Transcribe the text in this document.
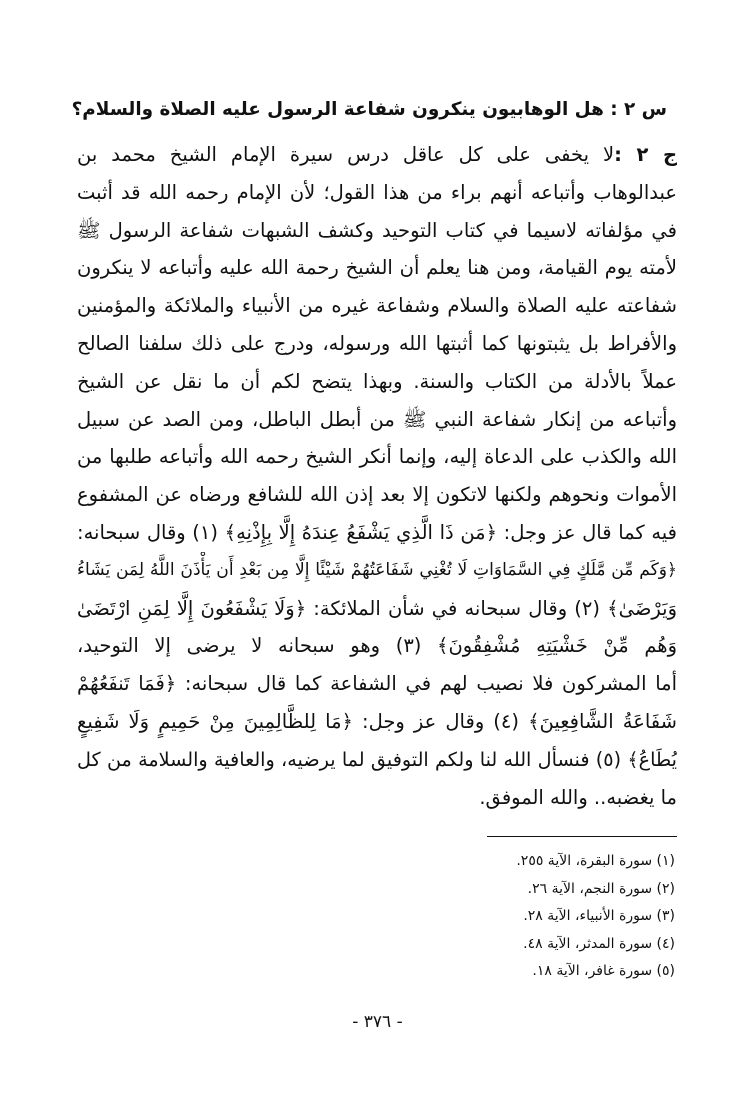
س ٢ : هل الوهابيون ينكرون شفاعة الرسول عليه الصلاة والسلام؟
ج ٢ :لا يخفى على كل عاقل درس سيرة الإمام الشيخ محمد بن
عبدالوهاب وأتباعه أنهم براء من هذا القول؛ لأن الإمام رحمه الله قد أثبت
في مؤلفاته لاسيما في كتاب التوحيد وكشف الشبهات شفاعة الرسول ﷺ
لأمته يوم القيامة، ومن هنا يعلم أن الشيخ رحمة الله عليه وأتباعه لا ينكرون
شفاعته عليه الصلاة والسلام وشفاعة غيره من الأنبياء والملائكة والمؤمنين
والأفراط بل يثبتونها كما أثبتها الله ورسوله، ودرج على ذلك سلفنا الصالح
عملاً بالأدلة من الكتاب والسنة. وبهذا يتضح لكم أن ما نقل عن الشيخ
وأتباعه من إنكار شفاعة النبي ﷺ من أبطل الباطل، ومن الصد عن سبيل
الله والكذب على الدعاة إليه، وإنما أنكر الشيخ رحمه الله وأتباعه طلبها من
الأموات ونحوهم ولكنها لاتكون إلا بعد إذن الله للشافع ورضاه عن المشفوع
فيه كما قال عز وجل: ﴿مَن ذَا الَّذِي يَشْفَعُ عِندَهُ إِلَّا بِإِذْنِهِ﴾ (١) وقال سبحانه:
﴿وَكَم مِّن مَّلَكٍ فِي السَّمَاوَاتِ لَا تُغْنِي شَفَاعَتُهُمْ شَيْئًا إِلَّا مِن بَعْدِ أَن يَأْذَنَ اللَّهُ لِمَن يَشَاءُ
وَيَرْضَىٰ﴾ (٢) وقال سبحانه في شأن الملائكة: ﴿وَلَا يَشْفَعُونَ إِلَّا لِمَنِ ارْتَضَىٰ
وَهُم مِّنْ خَشْيَتِهِ مُشْفِقُونَ﴾ (٣) وهو سبحانه لا يرضى إلا التوحيد،
أما المشركون فلا نصيب لهم في الشفاعة كما قال سبحانه: ﴿فَمَا تَنفَعُهُمْ
شَفَاعَةُ الشَّافِعِينَ﴾ (٤) وقال عز وجل: ﴿مَا لِلظَّالِمِينَ مِنْ حَمِيمٍ وَلَا شَفِيعٍ
يُطَاعُ﴾ (٥) فنسأل الله لنا ولكم التوفيق لما يرضيه، والعافية والسلامة من كل
ما يغضبه.. والله الموفق.
(١) سورة البقرة، الآية ٢٥٥.
(٢) سورة النجم، الآية ٢٦.
(٣) سورة الأنبياء، الآية ٢٨.
(٤) سورة المدثر، الآية ٤٨.
(٥) سورة غافر، الآية ١٨.
- ٣٧٦ -
